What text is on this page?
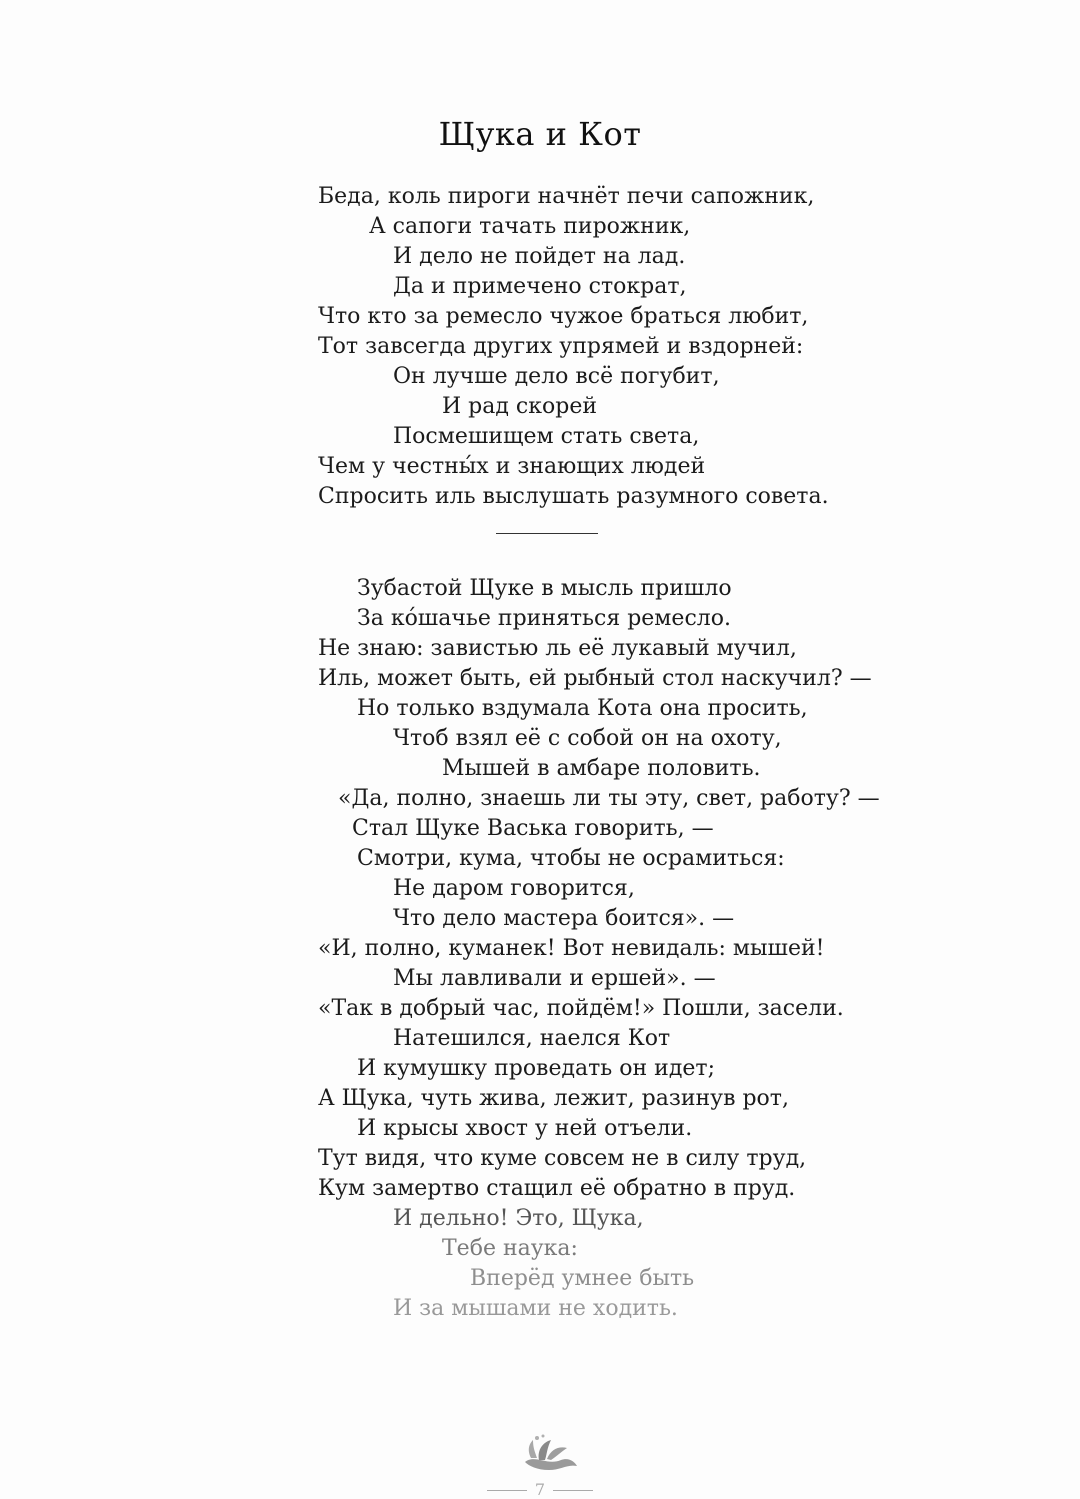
Щука и Кот
Беда, коль пироги начнёт печи сапожник,
А сапоги тачать пирожник,
И дело не пойдет на лад.
Да и примечено стократ,
Что кто за ремесло чужое браться любит,
Тот завсегда других упрямей и вздорней:
Он лучше дело всё погубит,
И рад скорей
Посмешищем стать света,
Чем у честны́х и знающих людей
Спросить иль выслушать разумного совета.
Зубастой Щуке в мысль пришло
За ко́шачье приняться ремесло.
Не знаю: завистью ль её лукавый мучил,
Иль, может быть, ей рыбный стол наскучил? —
Но только вздумала Кота она просить,
Чтоб взял её с собой он на охоту,
Мышей в амбаре половить.
«Да, полно, знаешь ли ты эту, свет, работу? —
Стал Щуке Васька говорить, —
Смотри, кума, чтобы не осрамиться:
Не даром говорится,
Что дело мастера боится». —
«И, полно, куманек! Вот невидаль: мышей!
Мы лавливали и ершей». —
«Так в добрый час, пойдём!» Пошли, засели.
Натешился, наелся Кот
И кумушку проведать он идет;
А Щука, чуть жива, лежит, разинув рот,
И крысы хвост у ней отъели.
Тут видя, что куме совсем не в силу труд,
Кум замертво стащил её обратно в пруд.
И дельно! Это, Щука,
Тебе наука:
Вперёд умнее быть
И за мышами не ходить.
7
